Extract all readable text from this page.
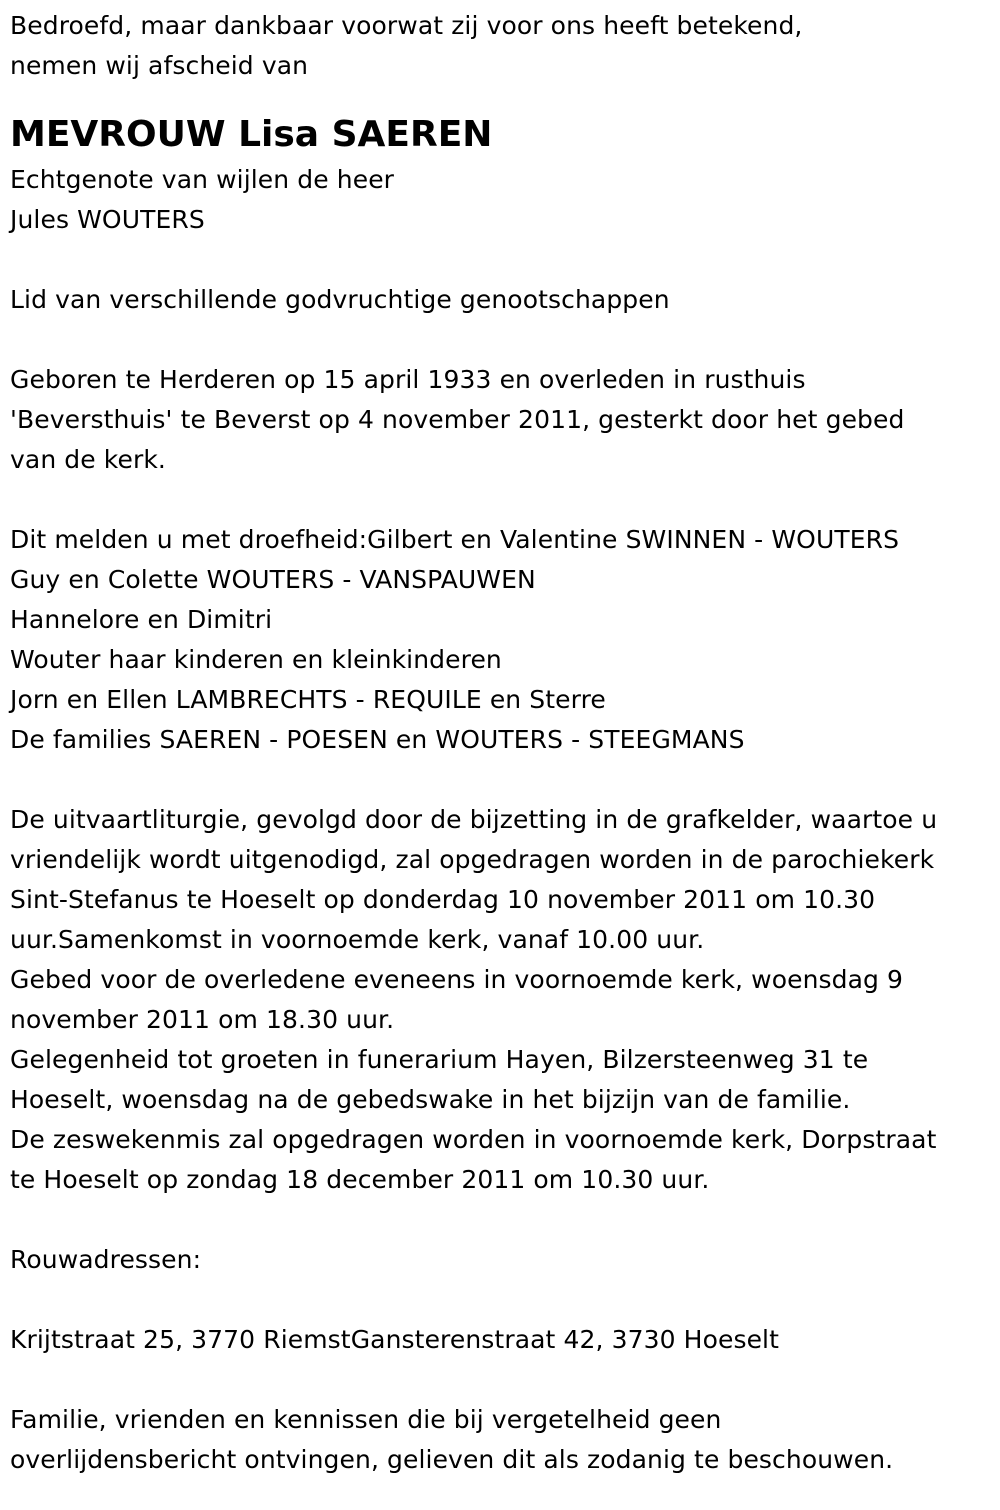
Bedroefd, maar dankbaar voorwat zij voor ons heeft betekend,
nemen wij afscheid van
MEVROUW Lisa SAEREN
Echtgenote van wijlen de heer
Jules WOUTERS
Lid van verschillende godvruchtige genootschappen
Geboren te Herderen op 15 april 1933 en overleden in rusthuis
'Beversthuis' te Beverst op 4 november 2011, gesterkt door het gebed
van de kerk.
Dit melden u met droefheid:Gilbert en Valentine SWINNEN - WOUTERS
Guy en Colette WOUTERS - VANSPAUWEN
Hannelore en Dimitri
Wouter haar kinderen en kleinkinderen
Jorn en Ellen LAMBRECHTS - REQUILE en Sterre
De families SAEREN - POESEN en WOUTERS - STEEGMANS
De uitvaartliturgie, gevolgd door de bijzetting in de grafkelder, waartoe u
vriendelijk wordt uitgenodigd, zal opgedragen worden in de parochiekerk
Sint-Stefanus te Hoeselt op donderdag 10 november 2011 om 10.30
uur.Samenkomst in voornoemde kerk, vanaf 10.00 uur.
Gebed voor de overledene eveneens in voornoemde kerk, woensdag 9
november 2011 om 18.30 uur.
Gelegenheid tot groeten in funerarium Hayen, Bilzersteenweg 31 te
Hoeselt, woensdag na de gebedswake in het bijzijn van de familie.
De zeswekenmis zal opgedragen worden in voornoemde kerk, Dorpstraat
te Hoeselt op zondag 18 december 2011 om 10.30 uur.
Rouwadressen:
Krijtstraat 25, 3770 RiemstGansterenstraat 42, 3730 Hoeselt
Familie, vrienden en kennissen die bij vergetelheid geen
overlijdensbericht ontvingen, gelieven dit als zodanig te beschouwen.
